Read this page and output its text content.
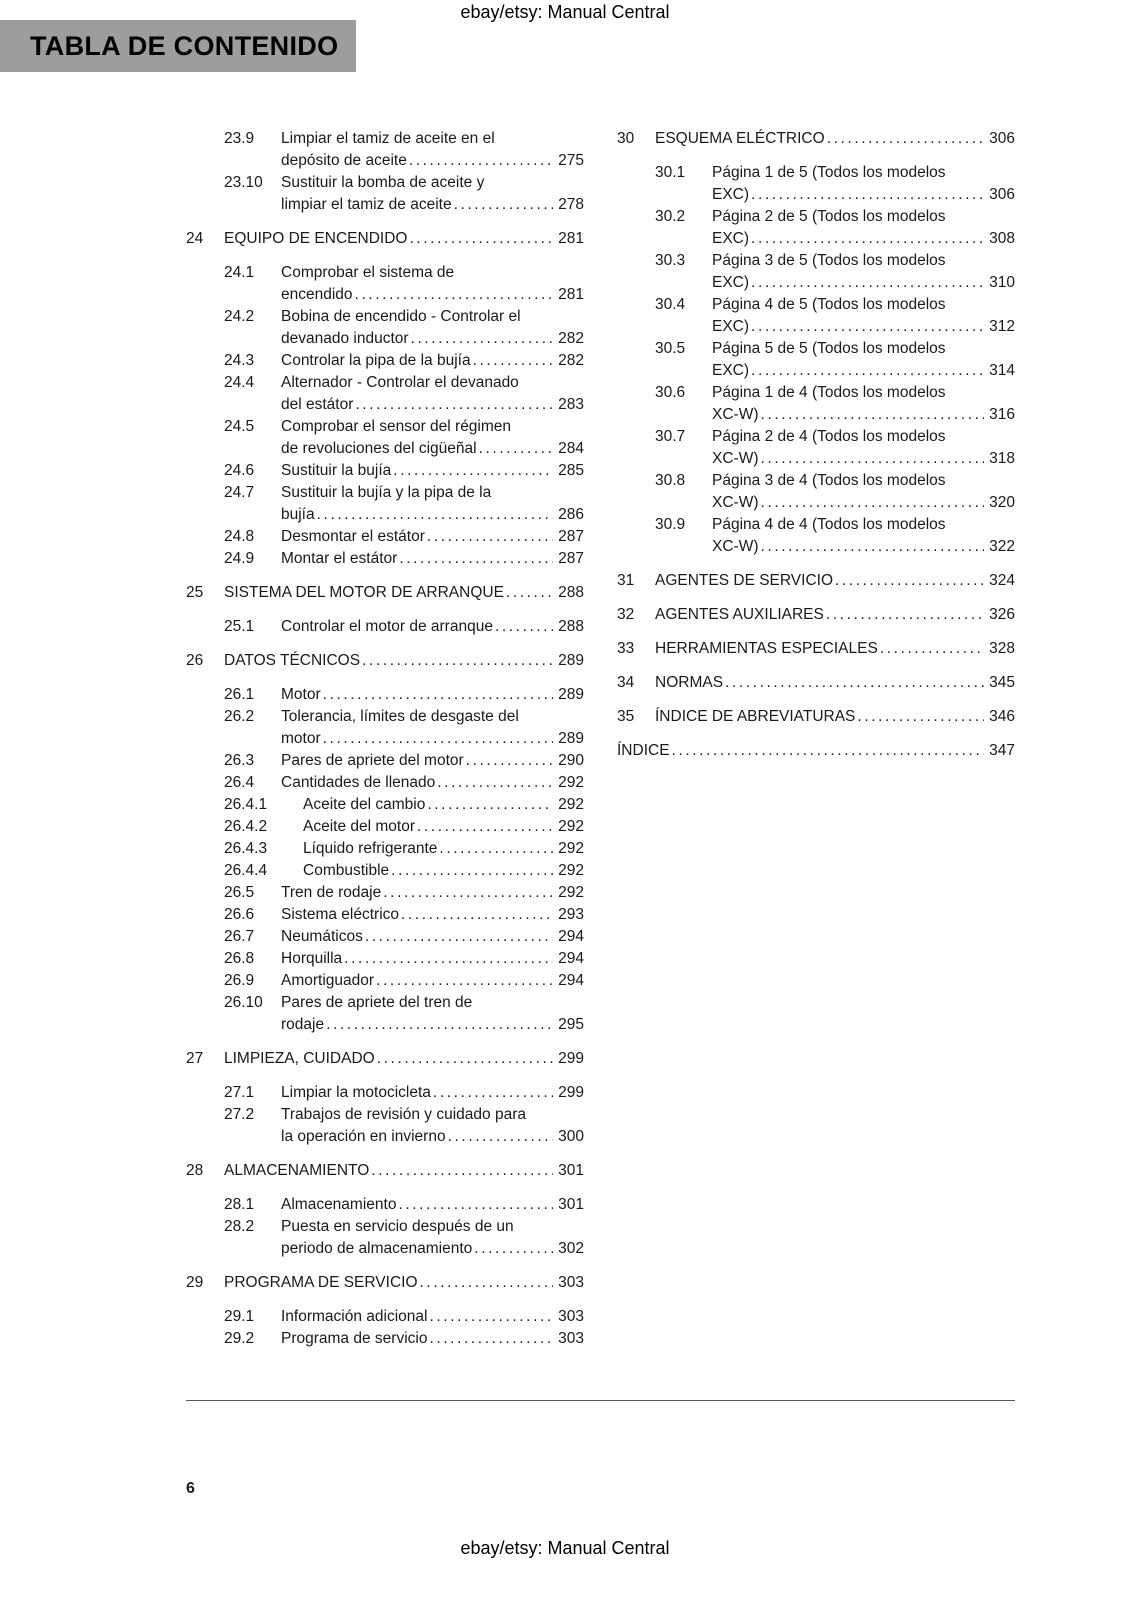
ebay/etsy: Manual Central
TABLA DE CONTENIDO
23.9	Limpiar el tamiz de aceite en el
depósito de aceite .....	275
23.10	Sustituir la bomba de aceite y
limpiar el tamiz de aceite .....	278
24	EQUIPO DE ENCENDIDO .....	281
24.1	Comprobar el sistema de
encendido .....	281
24.2	Bobina de encendido - Controlar el
devanado inductor .....	282
24.3	Controlar la pipa de la bujía .....	282
24.4	Alternador - Controlar el devanado
del estátor .....	283
24.5	Comprobar el sensor del régimen
de revoluciones del cigüeñal .....	284
24.6	Sustituir la bujía .....	285
24.7	Sustituir la bujía y la pipa de la
bujía .....	286
24.8	Desmontar el estátor .....	287
24.9	Montar el estátor .....	287
25	SISTEMA DEL MOTOR DE ARRANQUE .....	288
25.1	Controlar el motor de arranque .....	288
26	DATOS TÉCNICOS .....	289
26.1	Motor .....	289
26.2	Tolerancia, límites de desgaste del
motor .....	289
26.3	Pares de apriete del motor .....	290
26.4	Cantidades de llenado .....	292
26.4.1	Aceite del cambio .....	292
26.4.2	Aceite del motor .....	292
26.4.3	Líquido refrigerante .....	292
26.4.4	Combustible .....	292
26.5	Tren de rodaje .....	292
26.6	Sistema eléctrico .....	293
26.7	Neumáticos .....	294
26.8	Horquilla .....	294
26.9	Amortiguador .....	294
26.10	Pares de apriete del tren de
rodaje .....	295
27	LIMPIEZA, CUIDADO .....	299
27.1	Limpiar la motocicleta .....	299
27.2	Trabajos de revisión y cuidado para
la operación en invierno .....	300
28	ALMACENAMIENTO .....	301
28.1	Almacenamiento .....	301
28.2	Puesta en servicio después de un
periodo de almacenamiento .....	302
29	PROGRAMA DE SERVICIO .....	303
29.1	Información adicional .....	303
29.2	Programa de servicio .....	303
30	ESQUEMA ELÉCTRICO .....	306
30.1	Página 1 de 5 (Todos los modelos
EXC) .....	306
30.2	Página 2 de 5 (Todos los modelos
EXC) .....	308
30.3	Página 3 de 5 (Todos los modelos
EXC) .....	310
30.4	Página 4 de 5 (Todos los modelos
EXC) .....	312
30.5	Página 5 de 5 (Todos los modelos
EXC) .....	314
30.6	Página 1 de 4 (Todos los modelos
XC-W) .....	316
30.7	Página 2 de 4 (Todos los modelos
XC-W) .....	318
30.8	Página 3 de 4 (Todos los modelos
XC-W) .....	320
30.9	Página 4 de 4 (Todos los modelos
XC-W) .....	322
31	AGENTES DE SERVICIO .....	324
32	AGENTES AUXILIARES .....	326
33	HERRAMIENTAS ESPECIALES .....	328
34	NORMAS .....	345
35	ÍNDICE DE ABREVIATURAS .....	346
ÍNDICE .....	347
6
ebay/etsy: Manual Central
